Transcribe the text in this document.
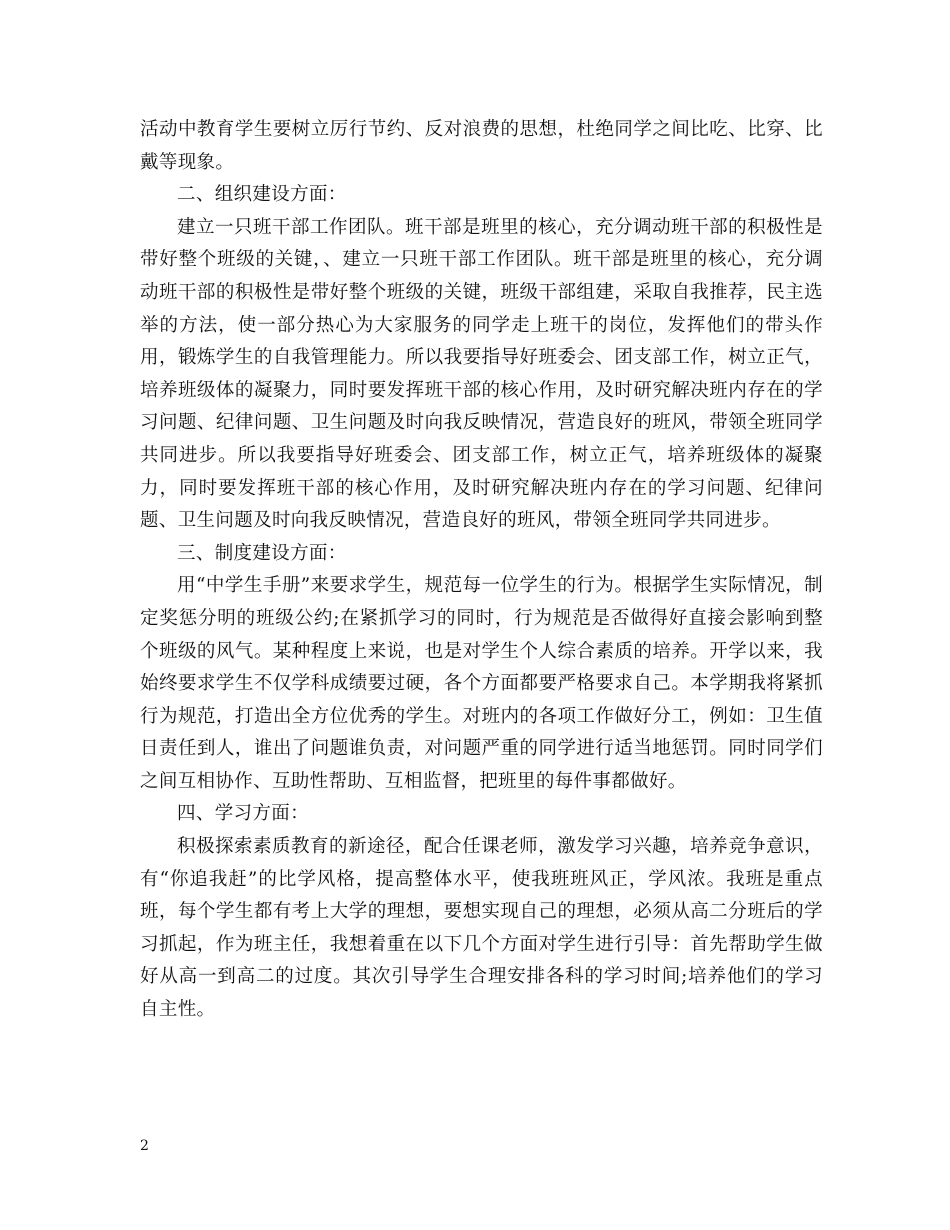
活动中教育学生要树立厉行节约、反对浪费的思想，杜绝同学之间比吃、比穿、比戴等现象。

二、组织建设方面：

建立一只班干部工作团队。班干部是班里的核心，充分调动班干部的积极性是带好整个班级的关键，、建立一只班干部工作团队。班干部是班里的核心，充分调动班干部的积极性是带好整个班级的关键，班级干部组建，采取自我推荐，民主选举的方法，使一部分热心为大家服务的同学走上班干的岗位，发挥他们的带头作用，锻炼学生的自我管理能力。所以我要指导好班委会、团支部工作，树立正气，培养班级体的凝聚力，同时要发挥班干部的核心作用，及时研究解决班内存在的学习问题、纪律问题、卫生问题及时向我反映情况，营造良好的班风，带领全班同学共同进步。所以我要指导好班委会、团支部工作，树立正气，培养班级体的凝聚力，同时要发挥班干部的核心作用，及时研究解决班内存在的学习问题、纪律问题、卫生问题及时向我反映情况，营造良好的班风，带领全班同学共同进步。

三、制度建设方面：

用“中学生手册”来要求学生，规范每一位学生的行为。根据学生实际情况，制定奖惩分明的班级公约;在紧抓学习的同时，行为规范是否做得好直接会影响到整个班级的风气。某种程度上来说，也是对学生个人综合素质的培养。开学以来，我始终要求学生不仅学科成绩要过硬，各个方面都要严格要求自己。本学期我将紧抓行为规范，打造出全方位优秀的学生。对班内的各项工作做好分工，例如：卫生值日责任到人，谁出了问题谁负责，对问题严重的同学进行适当地惩罚。同时同学们之间互相协作、互助性帮助、互相监督，把班里的每件事都做好。

四、学习方面：

积极探索素质教育的新途径，配合任课老师，激发学习兴趣，培养竞争意识，有“你追我赶”的比学风格，提高整体水平，使我班班风正，学风浓。我班是重点班，每个学生都有考上大学的理想，要想实现自己的理想，必须从高二分班后的学习抓起，作为班主任，我想着重在以下几个方面对学生进行引导：首先帮助学生做好从高一到高二的过度。其次引导学生合理安排各科的学习时间;培养他们的学习自主性。

2
